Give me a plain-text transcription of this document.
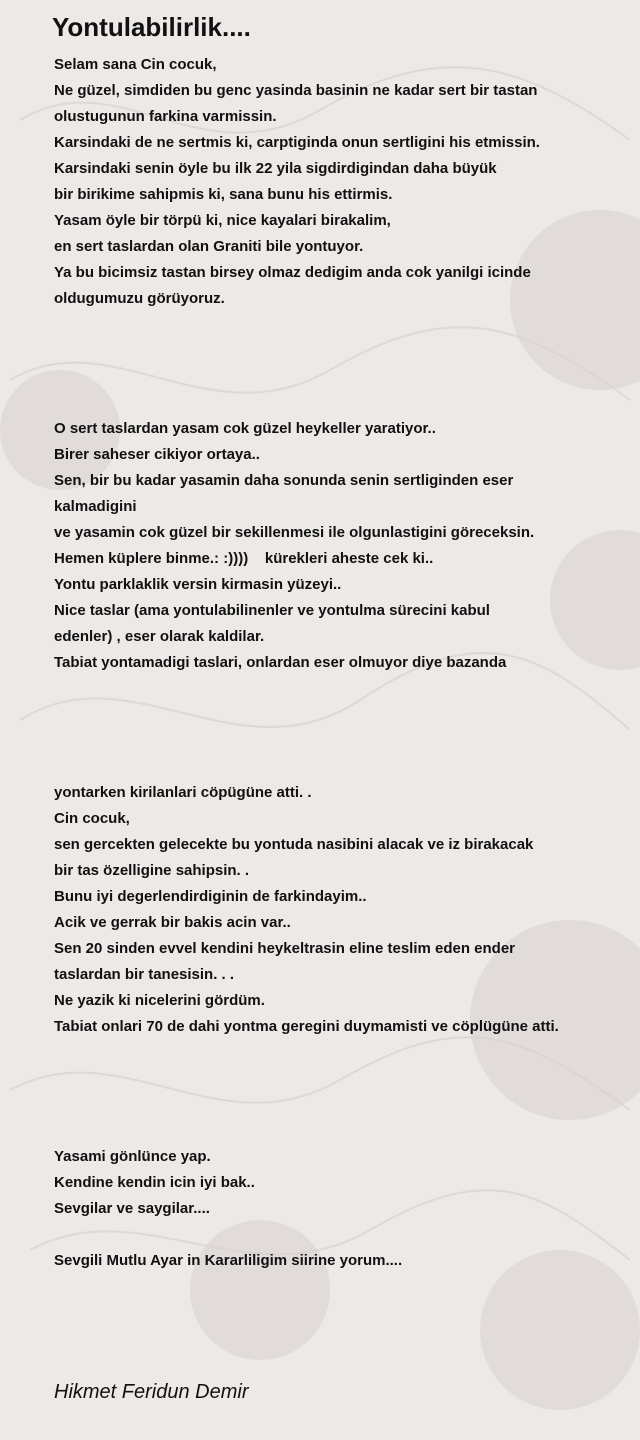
Yontulabilirlik....
Selam sana Cin cocuk,
Ne güzel, simdiden bu genc yasinda basinin ne kadar sert bir tastan
olustugunun farkina varmissin.
Karsindaki de ne sertmis ki, carptiginda onun sertligini his etmissin.
Karsindaki senin öyle bu ilk 22 yila sigdirdigindan daha büyük
bir birikime sahipmis ki, sana bunu his ettirmis.
Yasam öyle bir törpü ki, nice kayalari birakalim,
en sert taslardan olan Graniti bile yontuyor.
Ya bu bicimsiz tastan birsey olmaz dedigim anda cok yanilgi icinde
oldugumuzu görüyoruz.
O sert taslardan yasam cok güzel heykeller yaratiyor..
Birer saheser cikiyor ortaya..
Sen, bir bu kadar yasamin daha sonunda senin sertliginden eser
kalmadigini
ve yasamin cok güzel bir sekillenmesi ile olgunlastigini göreceksin.
Hemen küplere binme.: :))))    kürekleri aheste cek ki..
Yontu parklaklik versin kirmasin yüzeyi..
Nice taslar (ama yontulabilinenler ve yontulma sürecini kabul
edenler) , eser olarak kaldilar.
Tabiat yontamadigi taslari, onlardan eser olmuyor diye bazanda
yontarken kirilanlari cöpügüne atti. .
Cin cocuk,
sen gercekten gelecekte bu yontuda nasibini alacak ve iz birakacak
bir tas özelligine sahipsin. .
Bunu iyi degerlendirdiginin de farkindayim..
Acik ve gerrak bir bakis acin var..
Sen 20 sinden evvel kendini heykeltrasin eline teslim eden ender
taslardan bir tanesisin. . .
Ne yazik ki nicelerini gördüm.
Tabiat onlari 70 de dahi yontma geregini duymamisti ve cöplügüne atti.
Yasami gönlünce yap.
Kendine kendin icin iyi bak..
Sevgilar ve saygilar....
Sevgili Mutlu Ayar in Kararliligim siirine yorum....
Hikmet Feridun Demir
